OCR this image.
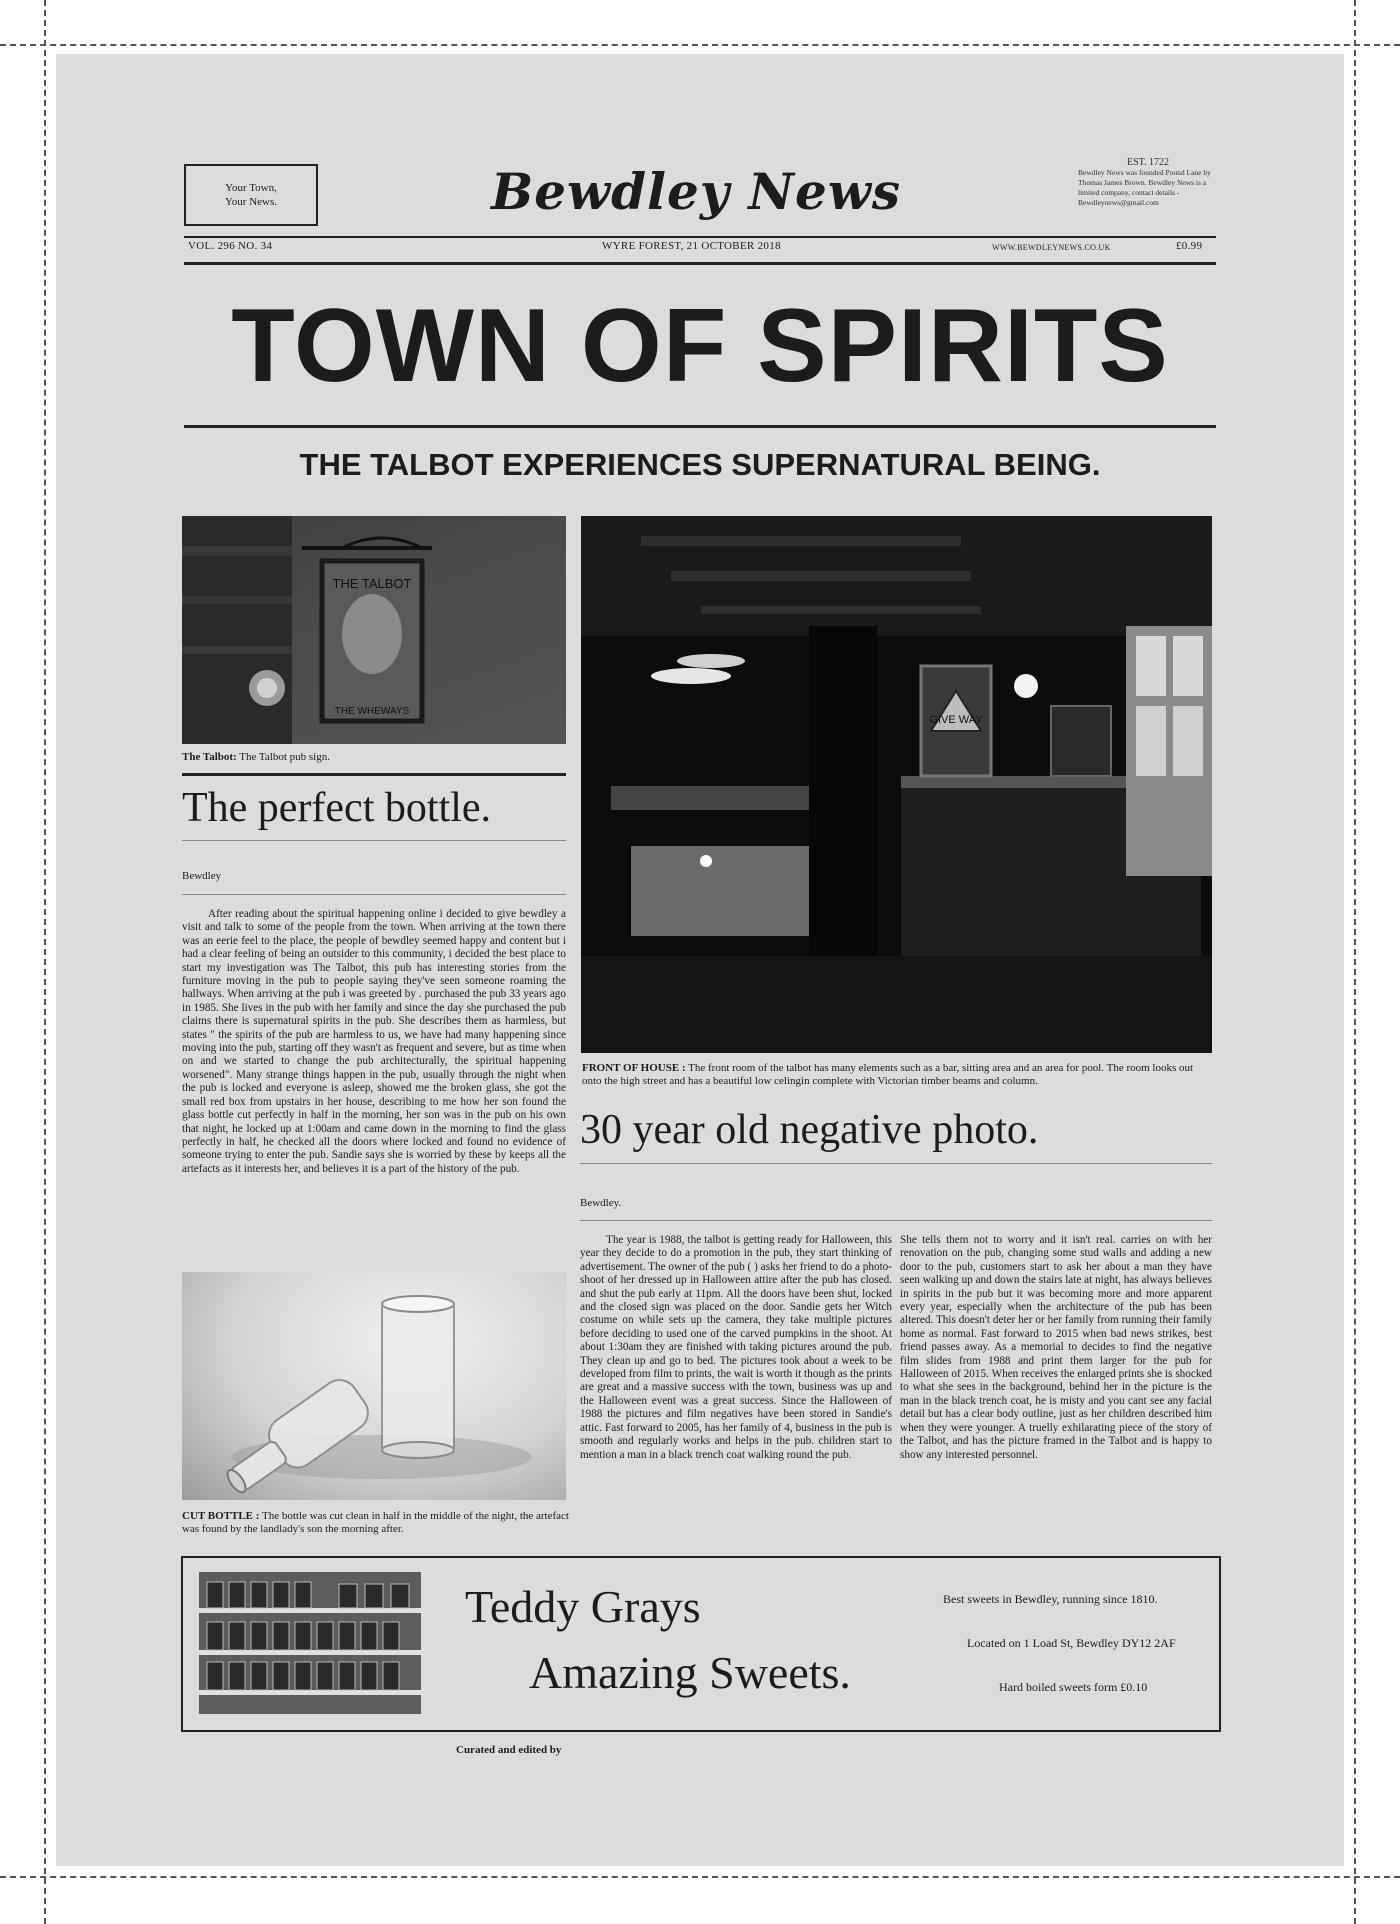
Your Town,
Your News.	Bewdley News	EST. 1722
Bewdley News was founded Pound Lane by Thomas James Brown. Bewdley News is a limited company, contact details - Bewdleynews@gmail.com
VOL. 296 NO. 34	WYRE FOREST, 21 OCTOBER 2018	WWW.BEWDLEYNEWS.CO.UK	£0.99
TOWN OF SPIRITS
THE TALBOT EXPERIENCES SUPERNATURAL BEING.
THE TALBOT
THE WHEWAYS
The Talbot: The Talbot pub sign.
The perfect bottle.
Bewdley

After reading about the spiritual happening online i decided to give bewdley a visit and talk to some of the people from the town. When arriving at the town there was an eerie feel to the place, the people of bewdley seemed happy and content but i had a clear feeling of being an outsider to this community, i decided the best place to start my investigation was The Talbot, this pub has interesting stories from the furniture moving in the pub to people saying they've seen someone roaming the hallways. When arriving at the pub i was greeted by . purchased the pub 33 years ago in 1985. She lives in the pub with her family and since the day she purchased the pub claims there is supernatural spirits in the pub. She describes them as harmless, but states " the spirits of the pub are harmless to us, we have had many happening since moving into the pub, starting off they wasn't as frequent and severe, but as time when on and we started to change the pub architecturally, the spiritual happening worsened". Many strange things happen in the pub, usually through the night when the pub is locked and everyone is asleep, showed me the broken glass, she got the small red box from upstairs in her house, describing to me how her son found the glass bottle cut perfectly in half in the morning, her son was in the pub on his own that night, he locked up at 1:00am and came down in the morning to find the glass perfectly in half, he checked all the doors where locked and found no evidence of someone trying to enter the pub. Sandie says she is worried by these by keeps all the artefacts as it interests her, and believes it is a part of the history of the pub.

CUT BOTTLE : The bottle was cut clean in half in the middle of the night, the artefact was found by the landlady's son the morning after.
GIVE WAY
FRONT OF HOUSE : The front room of the talbot has many elements such as a bar, sitting area and an area for pool. The room looks out onto the high street and has a beautiful low celingin complete with Victorian timber beams and column.
30 year old negative photo.
Bewdley.

The year is 1988, the talbot is getting ready for Halloween, this year they decide to do a promotion in the pub, they start thinking of advertisement. The owner of the pub ( ) asks her friend to do a photo-shoot of her dressed up in Halloween attire after the pub has closed. and shut the pub early at 11pm. All the doors have been shut, locked and the closed sign was placed on the door. Sandie gets her Witch costume on while sets up the camera, they take multiple pictures before deciding to used one of the carved pumpkins in the shoot. At about 1:30am they are finished with taking pictures around the pub. They clean up and go to bed. The pictures took about a week to be developed from film to prints, the wait is worth it though as the prints are great and a massive success with the town, business was up and the Halloween event was a great success. Since the Halloween of 1988 the pictures and film negatives have been stored in Sandie's attic. Fast forward to 2005, has her family of 4, business in the pub is smooth and regularly works and helps in the pub. children start to mention a man in a black trench coat walking round the pub.

She tells them not to worry and it isn't real. carries on with her renovation on the pub, changing some stud walls and adding a new door to the pub, customers start to ask her about a man they have seen walking up and down the stairs late at night, has always believes in spirits in the pub but it was becoming more and more apparent every year, especially when the architecture of the pub has been altered. This doesn't deter her or her family from running their family home as normal. Fast forward to 2015 when bad news strikes, best friend passes away. As a memorial to decides to find the negative film slides from 1988 and print them larger for the pub for Halloween of 2015. When receives the enlarged prints she is shocked to what she sees in the background, behind her in the picture is the man in the black trench coat, he is misty and you cant see any facial detail but has a clear body outline, just as her children described him when they were younger. A truelly exhilarating piece of the story of the Talbot, and has the picture framed in the Talbot and is happy to show any interested personnel.

Teddy Grays
Amazing Sweets.
Best sweets in Bewdley, running since 1810.
Located on 1 Load St, Bewdley DY12 2AF
Hard boiled sweets form £0.10
Curated and edited by
